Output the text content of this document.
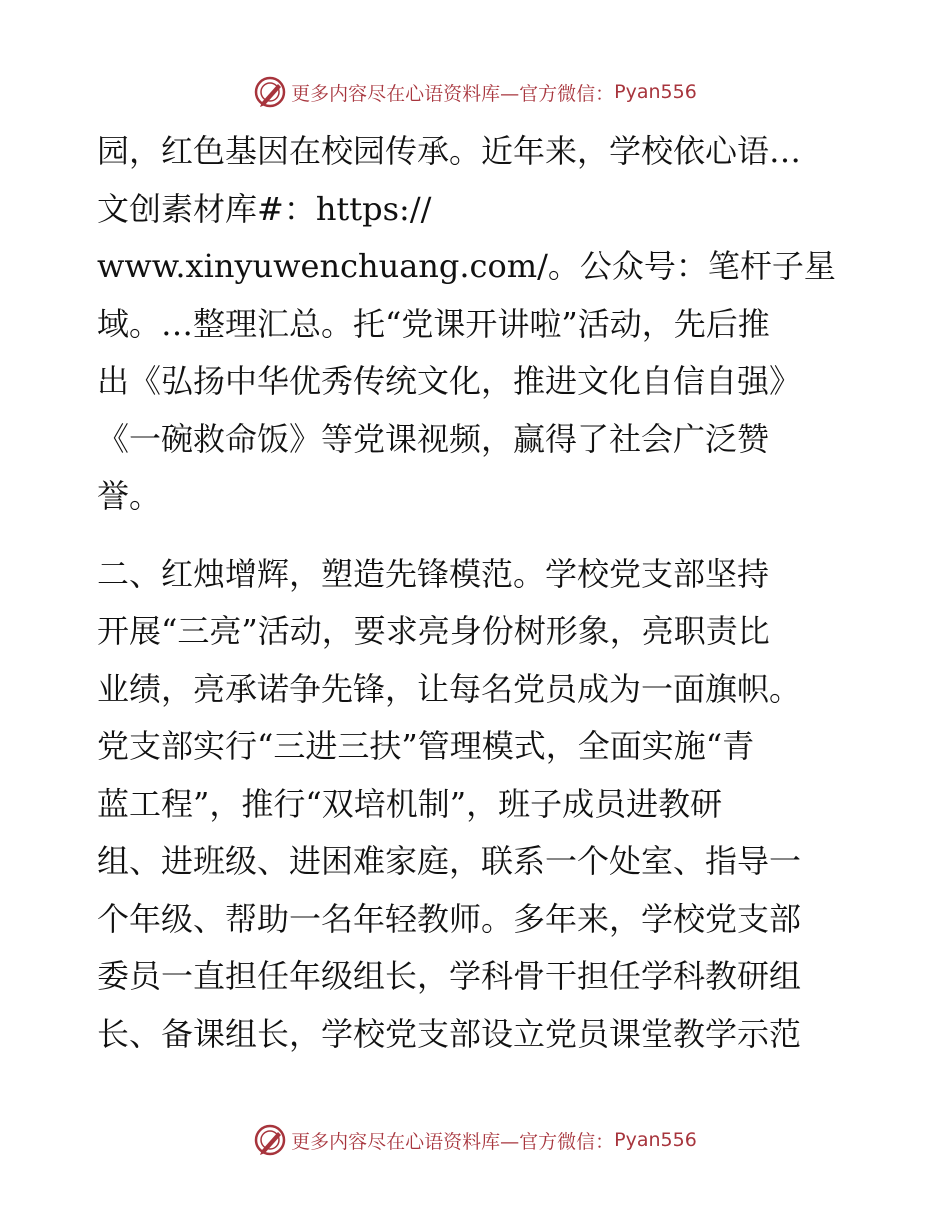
更多内容尽在心语资料库—官方微信： Pyan556
园，红色基因在校园传承。近年来，学校依心语…
文创素材库#：https://
www.xinyuwenchuang.com/。公众号：笔杆子星
域。…整理汇总。托“党课开讲啦”活动，先后推
出《弘扬中华优秀传统文化，推进文化自信自强》
《一碗救命饭》等党课视频，赢得了社会广泛赞
誉。
二、红烛增辉，塑造先锋模范。学校党支部坚持
开展“三亮”活动，要求亮身份树形象，亮职责比
业绩，亮承诺争先锋，让每名党员成为一面旗帜。
党支部实行“三进三扶”管理模式，全面实施“青
蓝工程”，推行“双培机制”，班子成员进教研
组、进班级、进困难家庭，联系一个处室、指导一
个年级、帮助一名年轻教师。多年来，学校党支部
委员一直担任年级组长，学科骨干担任学科教研组
长、备课组长，学校党支部设立党员课堂教学示范
更多内容尽在心语资料库—官方微信： Pyan556
